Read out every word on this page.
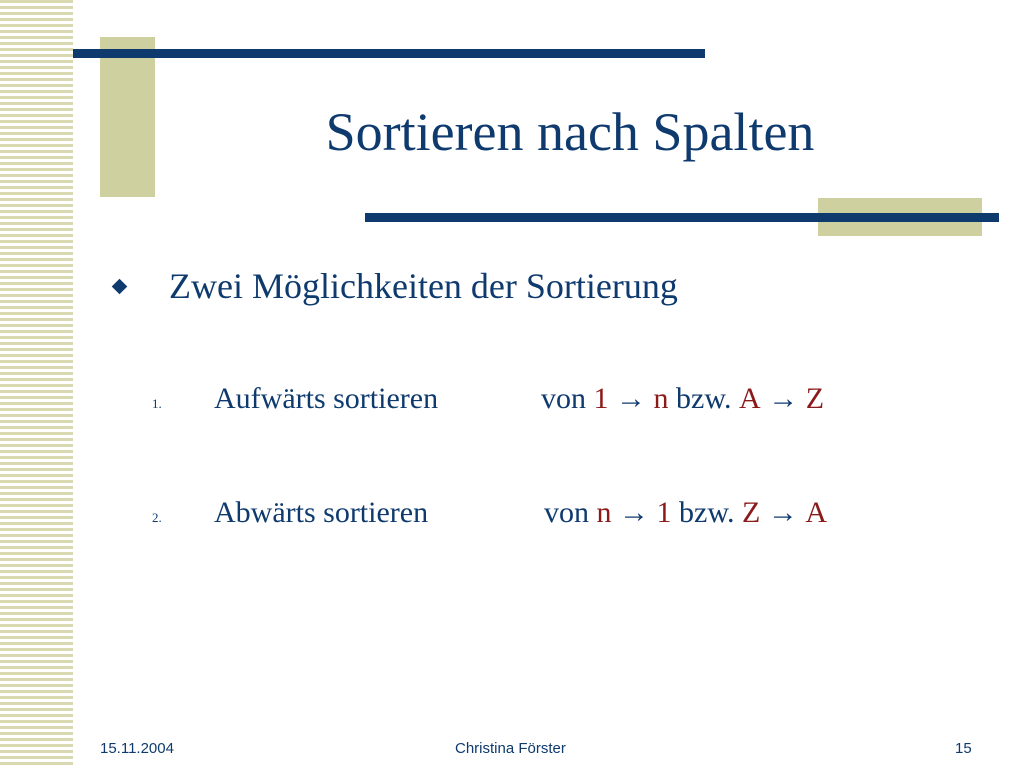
Sortieren nach Spalten
Zwei Möglichkeiten der Sortierung
1.	Aufwärts sortieren	von
1
→
n
bzw.
A
→
Z
2.	Abwärts sortieren	von
n
→
1
bzw.
Z
→
A
15.11.2004	Christina Förster	15
